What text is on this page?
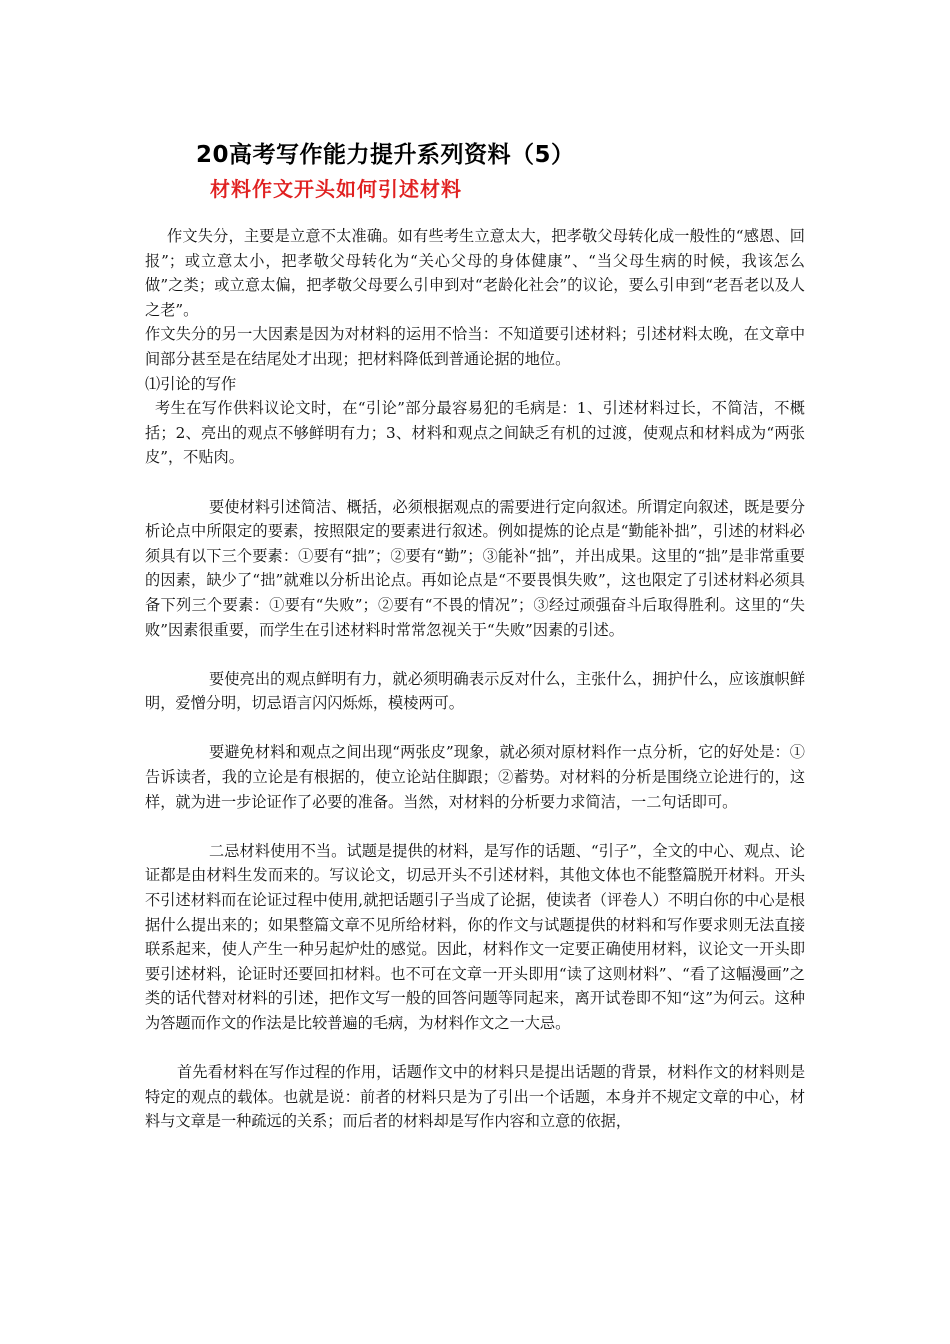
20高考写作能力提升系列资料（5）
材料作文开头如何引述材料

作文失分，主要是立意不太准确。如有些考生立意太大，把孝敬父母转化成一般性的“感恩、回报”；或立意太小，把孝敬父母转化为“关心父母的身体健康”、“当父母生病的时候，我该怎么做”之类；或立意太偏，把孝敬父母要么引申到对“老龄化社会”的议论，要么引申到“老吾老以及人之老”。

作文失分的另一大因素是因为对材料的运用不恰当：不知道要引述材料；引述材料太晚，在文章中间部分甚至是在结尾处才出现；把材料降低到普通论据的地位。

⑴引论的写作

考生在写作供料议论文时，在“引论”部分最容易犯的毛病是：1、引述材料过长，不简洁，不概括；2、亮出的观点不够鲜明有力；3、材料和观点之间缺乏有机的过渡，使观点和材料成为“两张皮”，不贴肉。

要使材料引述简洁、概括，必须根据观点的需要进行定向叙述。所谓定向叙述，既是要分析论点中所限定的要素，按照限定的要素进行叙述。例如提炼的论点是“勤能补拙”，引述的材料必须具有以下三个要素：①要有“拙”；②要有“勤”；③能补“拙”，并出成果。这里的“拙”是非常重要的因素，缺少了“拙”就难以分析出论点。再如论点是“不要畏惧失败”，这也限定了引述材料必须具备下列三个要素：①要有“失败”；②要有“不畏的情况”；③经过顽强奋斗后取得胜利。这里的“失败”因素很重要，而学生在引述材料时常常忽视关于“失败”因素的引述。

要使亮出的观点鲜明有力，就必须明确表示反对什么，主张什么，拥护什么，应该旗帜鲜明，爱憎分明，切忌语言闪闪烁烁，模棱两可。

要避免材料和观点之间出现“两张皮”现象，就必须对原材料作一点分析，它的好处是：①告诉读者，我的立论是有根据的，使立论站住脚跟；②蓄势。对材料的分析是围绕立论进行的，这样，就为进一步论证作了必要的准备。当然，对材料的分析要力求简洁，一二句话即可。

二忌材料使用不当。试题是提供的材料，是写作的话题、“引子”，全文的中心、观点、论证都是由材料生发而来的。写议论文，切忌开头不引述材料，其他文体也不能整篇脱开材料。开头不引述材料而在论证过程中使用,就把话题引子当成了论据，使读者（评卷人）不明白你的中心是根据什么提出来的；如果整篇文章不见所给材料，你的作文与试题提供的材料和写作要求则无法直接联系起来，使人产生一种另起炉灶的感觉。因此，材料作文一定要正确使用材料，议论文一开头即要引述材料，论证时还要回扣材料。也不可在文章一开头即用“读了这则材料”、“看了这幅漫画”之类的话代替对材料的引述，把作文写一般的回答问题等同起来，离开试卷即不知“这”为何云。这种为答题而作文的作法是比较普遍的毛病，为材料作文之一大忌。

首先看材料在写作过程的作用，话题作文中的材料只是提出话题的背景，材料作文的材料则是特定的观点的载体。也就是说：前者的材料只是为了引出一个话题，本身并不规定文章的中心，材料与文章是一种疏远的关系；而后者的材料却是写作内容和立意的依据，
